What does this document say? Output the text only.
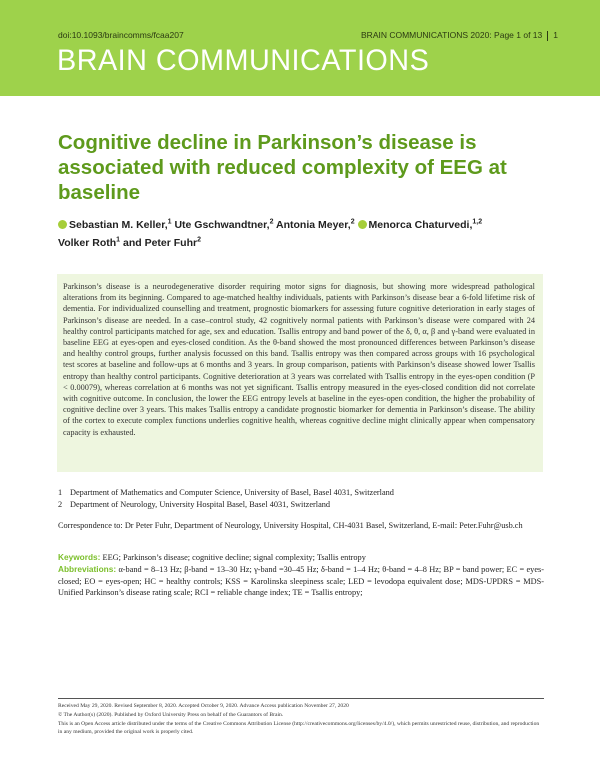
doi:10.1093/braincomms/fcaa207	BRAIN COMMUNICATIONS 2020: Page 1 of 13 1
BRAIN COMMUNICATIONS
Cognitive decline in Parkinson’s disease is associated with reduced complexity of EEG at baseline
Sebastian M. Keller,$^1$ Ute Gschwandtner,$^2$ Antonia Meyer,$^2$ Menorca Chaturvedi,$^{1,2}$
Volker Roth$^1$ and Peter Fuhr$^2$

Parkinson’s disease is a neurodegenerative disorder requiring motor signs for diagnosis, but showing more widespread pathological alterations from its beginning. Compared to age-matched healthy individuals, patients with Parkinson’s disease bear a 6-fold lifetime risk of dementia. For individualized counselling and treatment, prognostic biomarkers for assessing future cognitive deterioration in early stages of Parkinson’s disease are needed. In a case–control study, 42 cognitively normal patients with Parkinson’s disease were compared with 24 healthy control participants matched for age, sex and education. Tsallis entropy and band power of the δ, θ, α, β and γ-band were evaluated in baseline EEG at eyes-open and eyes-closed condition. As the θ-band showed the most pronounced differences between Parkinson’s disease and healthy control groups, further analysis focussed on this band. Tsallis entropy was then compared across groups with 16 psychological test scores at baseline and follow-ups at 6 months and 3 years. In group comparison, patients with Parkinson’s disease showed lower Tsallis entropy than healthy control participants. Cognitive deterioration at 3 years was correlated with Tsallis entropy in the eyes-open condition (P < 0.00079), whereas correlation at 6 months was not yet significant. Tsallis entropy measured in the eyes-closed condition did not correlate with cognitive outcome. In conclusion, the lower the EEG entropy levels at baseline in the eyes-open condition, the higher the probability of cognitive decline over 3 years. This makes Tsallis entropy a candidate prognostic biomarker for dementia in Parkinson’s disease. The ability of the cortex to execute complex functions underlies cognitive health, whereas cognitive decline might clinically appear when compensatory capacity is exhausted.

1 Department of Mathematics and Computer Science, University of Basel, Basel 4031, Switzerland
2 Department of Neurology, University Hospital Basel, Basel 4031, Switzerland
Correspondence to: Dr Peter Fuhr, Department of Neurology, University Hospital, CH-4031 Basel, Switzerland, E-mail: Peter.Fuhr@usb.ch
Keywords: EEG; Parkinson’s disease; cognitive decline; signal complexity; Tsallis entropy
Abbreviations: α-band = 8–13 Hz; β-band = 13–30 Hz; γ-band =30–45 Hz; δ-band = 1–4 Hz; θ-band = 4–8 Hz; BP = band power; EC = eyes-closed; EO = eyes-open; HC = healthy controls; KSS = Karolinska sleepiness scale; LED = levodopa equivalent dose; MDS-UPDRS = MDS-Unified Parkinson’s disease rating scale; RCI = reliable change index; TE = Tsallis entropy;
Received May 29, 2020. Revised September 8, 2020. Accepted October 9, 2020. Advance Access publication November 27, 2020
© The Author(s) (2020). Published by Oxford University Press on behalf of the Guarantors of Brain.
This is an Open Access article distributed under the terms of the Creative Commons Attribution License (http://creativecommons.org/licenses/by/4.0/), which permits unrestricted reuse, distribution, and reproduction in any medium, provided the original work is properly cited.
